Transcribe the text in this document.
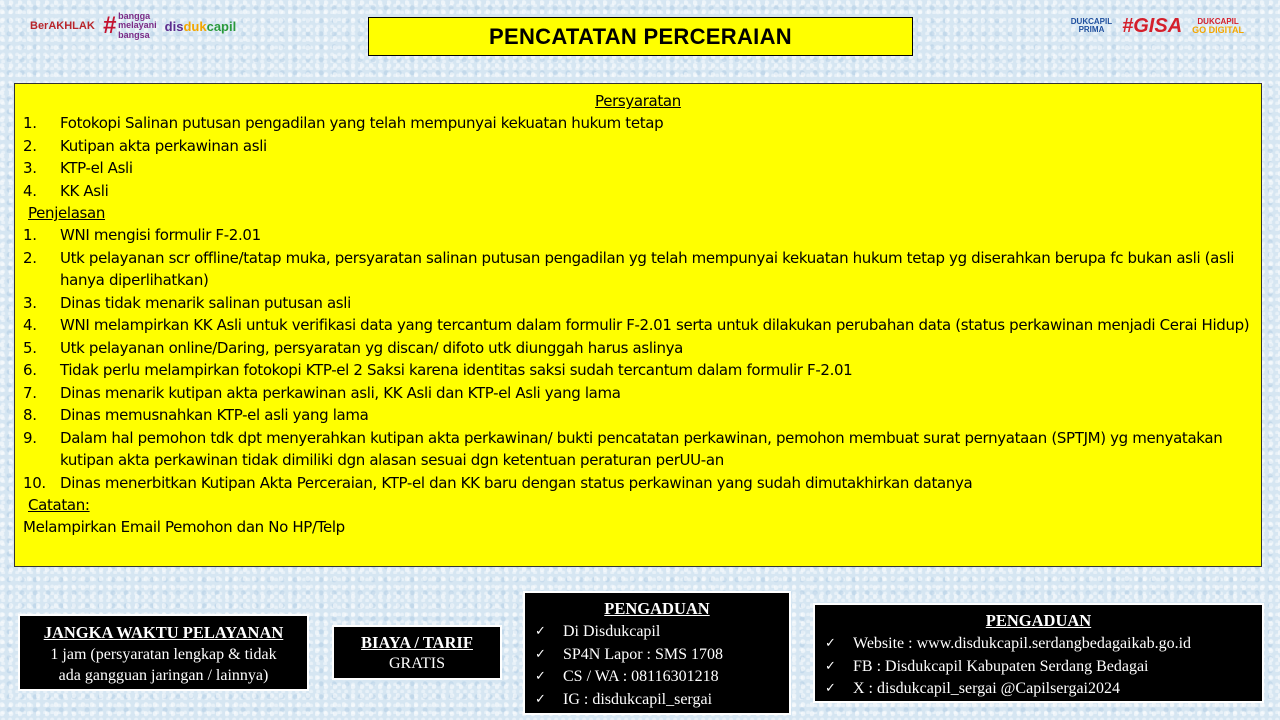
BerAKHLAK # bangga
melayani
bangsa
dis duk capil	DUKCAPIL
PRIMA #GISA	DUKCAPIL
GO DIGITAL
PENCATATAN PERCERAIAN
Persyaratan
1.	Fotokopi Salinan putusan pengadilan yang telah mempunyai kekuatan hukum tetap
2.	Kutipan akta perkawinan asli
3.	KTP-el Asli
4.	KK Asli
Penjelasan
1.	WNI mengisi formulir F-2.01
2.	Utk pelayanan scr offline/tatap muka, persyaratan salinan putusan pengadilan yg telah mempunyai kekuatan hukum tetap yg diserahkan berupa fc bukan asli (asli hanya diperlihatkan)
3.	Dinas tidak menarik salinan putusan asli
4.	WNI melampirkan KK Asli untuk verifikasi data yang tercantum dalam formulir F-2.01 serta untuk dilakukan perubahan data (status perkawinan menjadi Cerai Hidup)
5.	Utk pelayanan online/Daring, persyaratan yg discan/ difoto utk diunggah harus aslinya
6.	Tidak perlu melampirkan fotokopi KTP-el 2 Saksi karena identitas saksi sudah tercantum dalam formulir F-2.01
7.	Dinas menarik kutipan akta perkawinan asli, KK Asli dan KTP-el Asli yang lama
8.	Dinas memusnahkan KTP-el asli yang lama
9.	Dalam hal pemohon tdk dpt menyerahkan kutipan akta perkawinan/ bukti pencatatan perkawinan, pemohon membuat surat pernyataan (SPTJM) yg menyatakan kutipan akta perkawinan tidak dimiliki dgn alasan sesuai dgn ketentuan peraturan perUU-an
10. Dinas menerbitkan Kutipan Akta Perceraian, KTP-el dan KK baru dengan status perkawinan yang sudah dimutakhirkan datanya
Catatan:
Melampirkan Email Pemohon dan No HP/Telp
JANGKA WAKTU PELAYANAN
1 jam (persyaratan lengkap & tidak
ada gangguan jaringan / lainnya)
BIAYA / TARIF
GRATIS
PENGADUAN
✓	Di Disdukcapil
✓	SP4N Lapor : SMS 1708
✓	CS / WA : 08116301218
✓	IG : disdukcapil_sergai
PENGADUAN
✓	Website : www.disdukcapil.serdangbedagaikab.go.id
✓	FB : Disdukcapil Kabupaten Serdang Bedagai
✓	X : disdukcapil_sergai @Capilsergai2024
